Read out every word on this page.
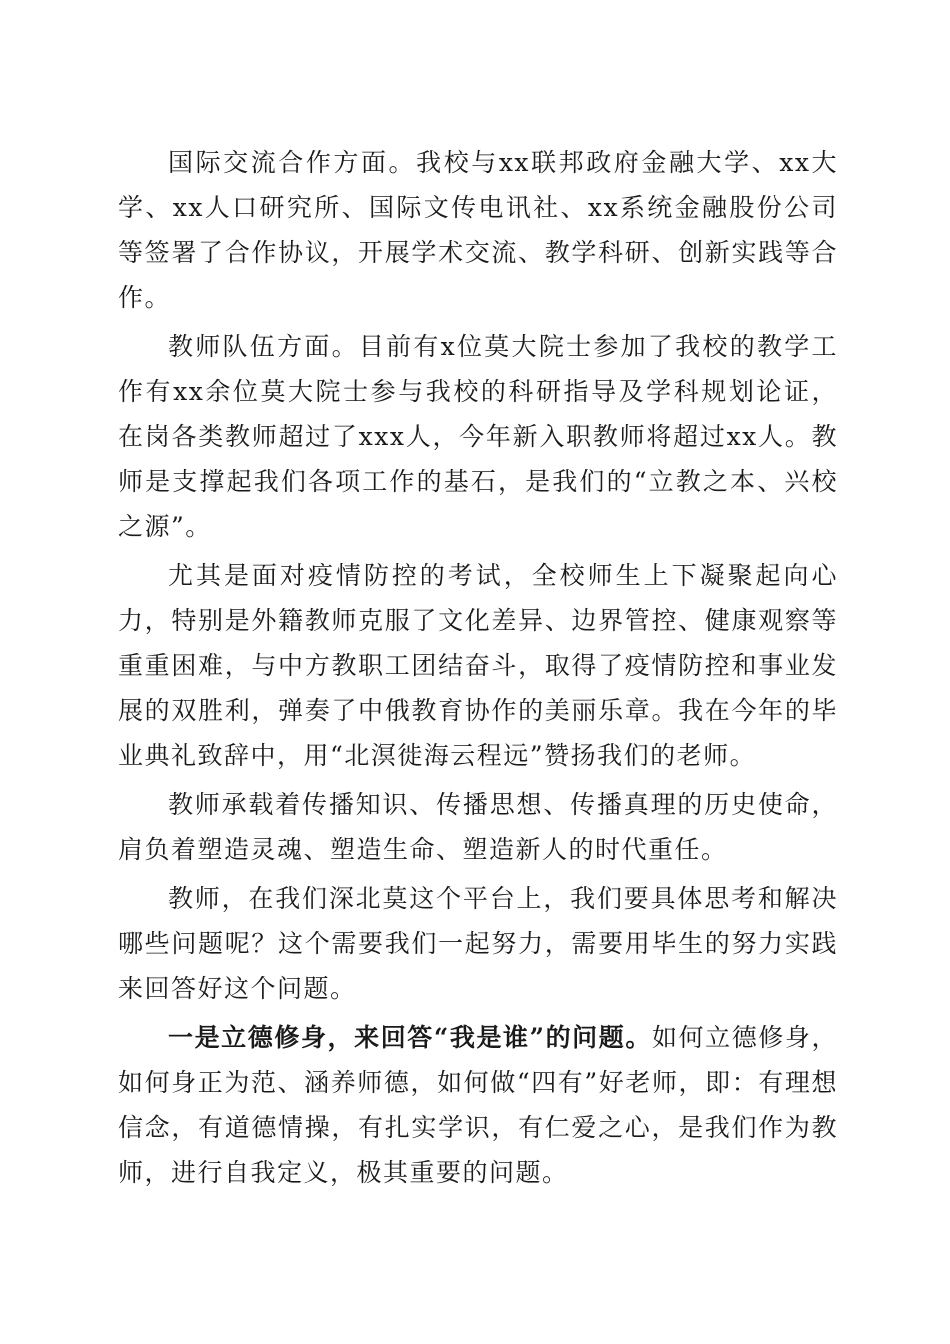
国际交流合作方面。我校与xx联邦政府金融大学、xx大学、xx人口研究所、国际文传电讯社、xx系统金融股份公司等签署了合作协议，开展学术交流、教学科研、创新实践等合作。

教师队伍方面。目前有x位莫大院士参加了我校的教学工作有xx余位莫大院士参与我校的科研指导及学科规划论证，在岗各类教师超过了xxx人，今年新入职教师将超过xx人。教师是支撑起我们各项工作的基石，是我们的“立教之本、兴校之源”。

尤其是面对疫情防控的考试，全校师生上下凝聚起向心力，特别是外籍教师克服了文化差异、边界管控、健康观察等重重困难，与中方教职工团结奋斗，取得了疫情防控和事业发展的双胜利，弹奏了中俄教育协作的美丽乐章。我在今年的毕业典礼致辞中，用“北溟徙海云程远”赞扬我们的老师。

教师承载着传播知识、传播思想、传播真理的历史使命，肩负着塑造灵魂、塑造生命、塑造新人的时代重任。

教师，在我们深北莫这个平台上，我们要具体思考和解决哪些问题呢？这个需要我们一起努力，需要用毕生的努力实践来回答好这个问题。

一是立德修身，来回答“我是谁”的问题。如何立德修身，如何身正为范、涵养师德，如何做“四有”好老师，即：有理想信念，有道德情操，有扎实学识，有仁爱之心，是我们作为教师，进行自我定义，极其重要的问题。
